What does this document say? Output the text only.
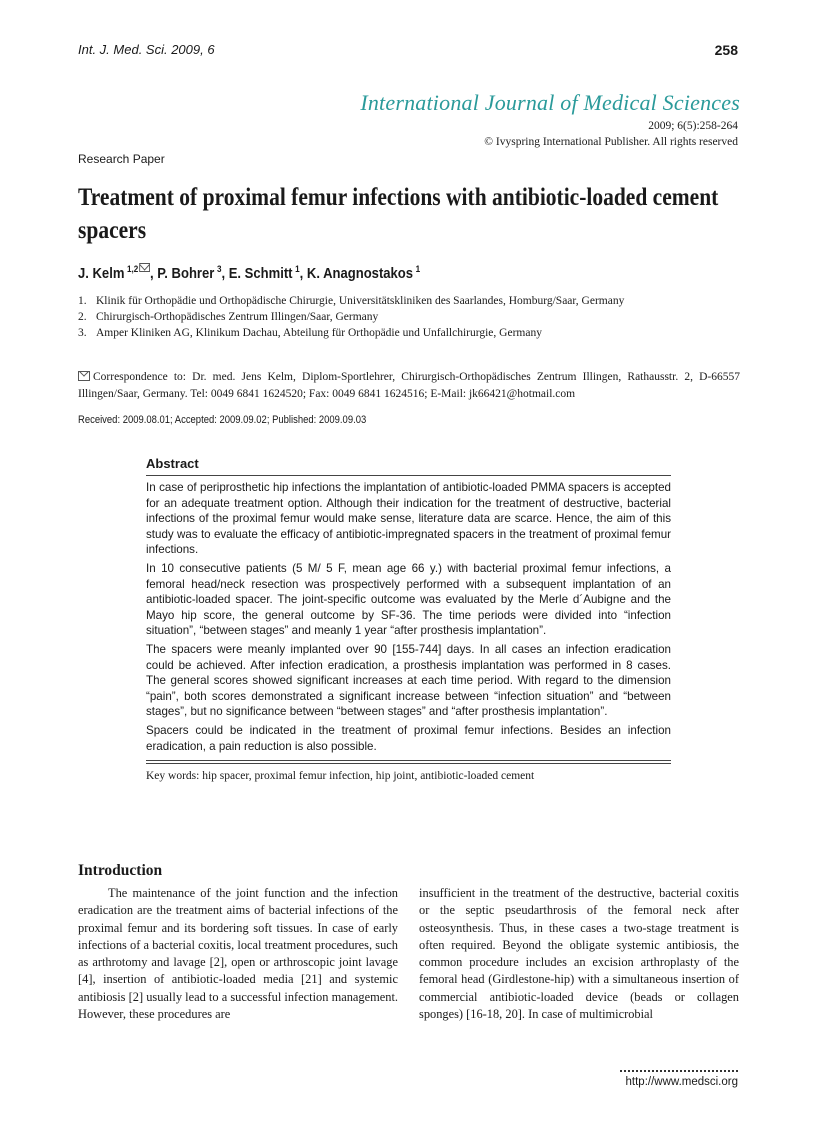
Int. J. Med. Sci. 2009, 6	258
International Journal of Medical Sciences
2009; 6(5):258-264
© Ivyspring International Publisher. All rights reserved
Research Paper
Treatment of proximal femur infections with antibiotic-loaded cement spacers
J. Kelm  $^{1,2}$ , P. Bohrer  $^3$, E. Schmitt  $^1$, K. Anagnostakos  $^1$
1. Klinik für Orthopädie und Orthopädische Chirurgie, Universitätskliniken des Saarlandes, Homburg/Saar, Germany
2. Chirurgisch-Orthopädisches Zentrum Illingen/Saar, Germany
3. Amper Kliniken AG, Klinikum Dachau, Abteilung für Orthopädie und Unfallchirurgie, Germany
Correspondence to: Dr. med. Jens Kelm, Diplom-Sportlehrer, Chirurgisch-Orthopädisches Zentrum Illingen, Rathausstr. 2, D-66557 Illingen/Saar, Germany. Tel: 0049 6841 1624520; Fax: 0049 6841 1624516; E-Mail: jk66421@hotmail.com
Received: 2009.08.01; Accepted: 2009.09.02; Published: 2009.09.03
Abstract

In case of periprosthetic hip infections the implantation of antibiotic-loaded PMMA spacers is accepted for an adequate treatment option. Although their indication for the treatment of destructive, bacterial infections of the proximal femur would make sense, literature data are scarce. Hence, the aim of this study was to evaluate the efficacy of antibiotic-impregnated spacers in the treatment of proximal femur infections.

In 10 consecutive patients (5 M/ 5 F, mean age 66 y.) with bacterial proximal femur infections, a femoral head/neck resection was prospectively performed with a subsequent implantation of an antibiotic-loaded spacer. The joint-specific outcome was evaluated by the Merle d´Aubigne and the Mayo hip score, the general outcome by SF-36. The time periods were divided into “infection situation”, “between stages” and meanly 1 year “after prosthesis implantation”.

The spacers were meanly implanted over 90 [155-744] days. In all cases an infection eradication could be achieved. After infection eradication, a prosthesis implantation was performed in 8 cases. The general scores showed significant increases at each time period. With regard to the dimension “pain”, both scores demonstrated a significant increase between “infection situation” and “between stages”, but no significance between “between stages” and “after prosthesis implantation”.

Spacers could be indicated in the treatment of proximal femur infections. Besides an infection eradication, a pain reduction is also possible.

Key words: hip spacer, proximal femur infection, hip joint, antibiotic-loaded cement
Introduction

The maintenance of the joint function and the infection eradication are the treatment aims of bacterial infections of the proximal femur and its bordering soft tissues. In case of early infections of a bacterial coxitis, local treatment procedures, such as arthrotomy and lavage [2], open or arthroscopic joint lavage [4], insertion of antibiotic-loaded media [21] and systemic antibiosis [2] usually lead to a successful infection management. However, these procedures are

insufficient in the treatment of the destructive, bacterial coxitis or the septic pseudarthrosis of the femoral neck after osteosynthesis. Thus, in these cases a two-stage treatment is often required. Beyond the obligate systemic antibiosis, the common procedure includes an excision arthroplasty of the femoral head (Girdlestone-hip) with a simultaneous insertion of commercial antibiotic-loaded device (beads or collagen sponges) [16-18, 20]. In case of multimicrobial

http://www.medsci.org
